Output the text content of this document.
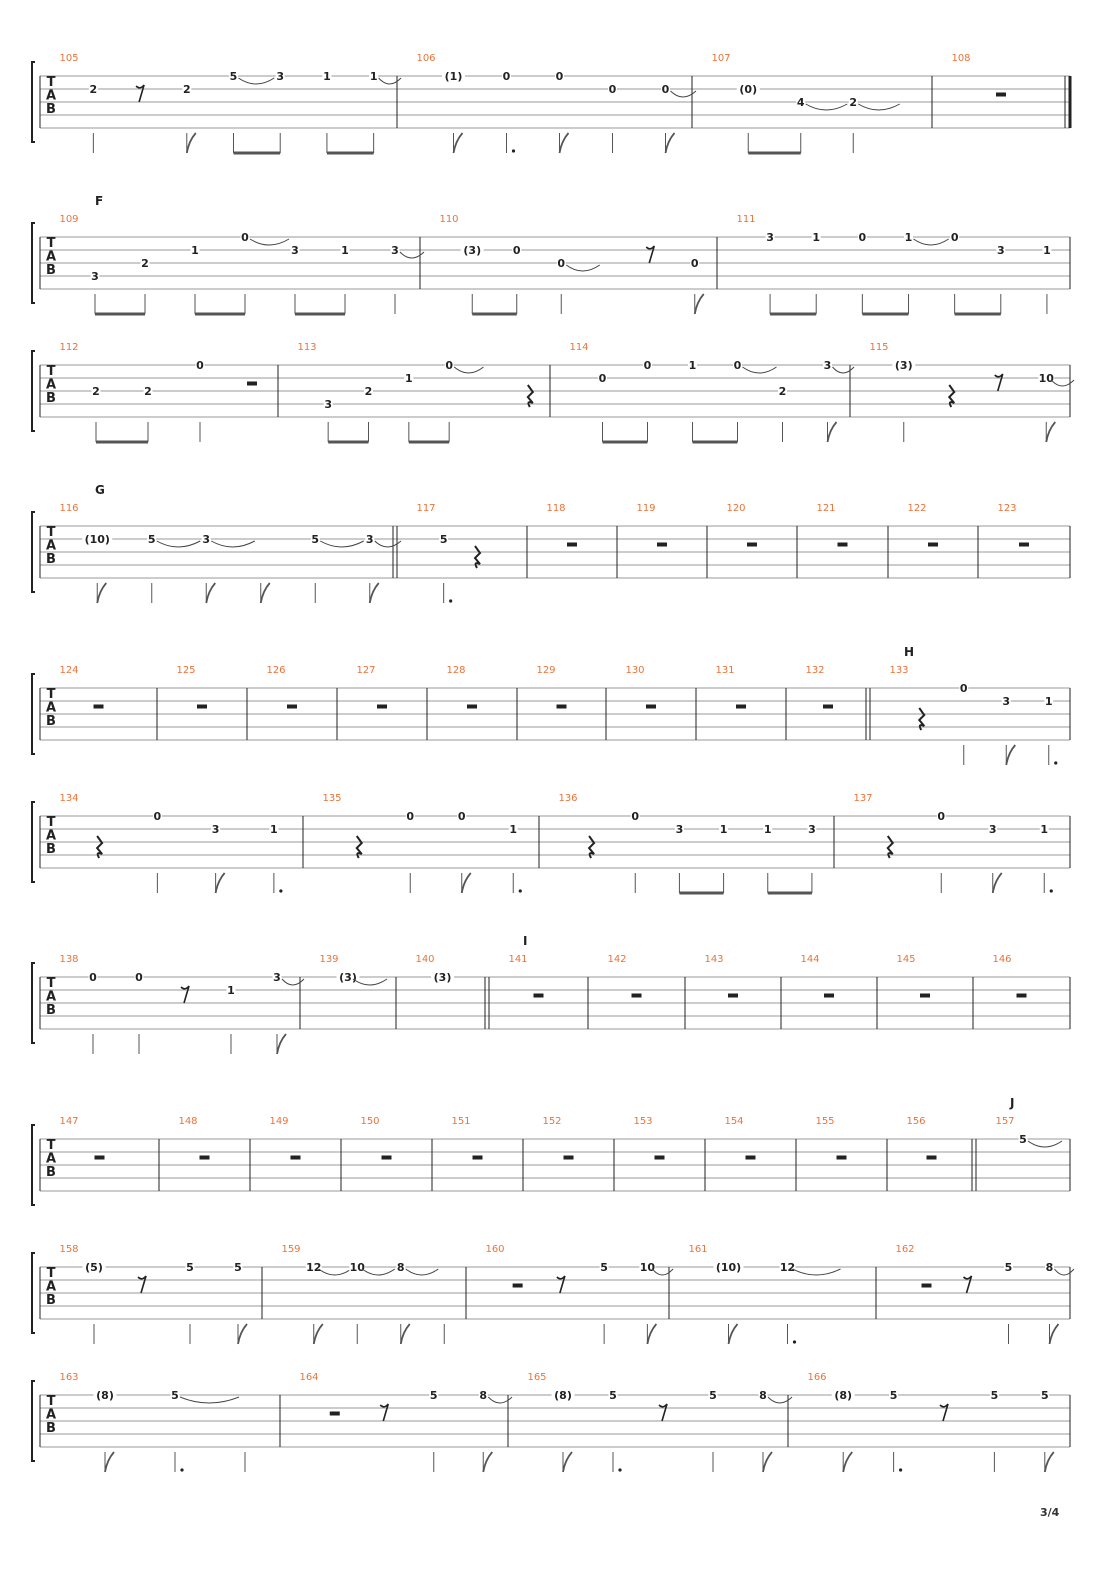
T
A
B
105
2	2
5	3	1	1
106
(1)	0	0
0	0
107
(0)
4	2
108
T
A
B
F
109
3
2
1
0
3	1	3
110
(3)	0
0	0
111
3	1	0	1	0
3	1
T
A
B
112
2	2
0
113
3
2
1
0
114
0
0	1	0
2
3
115
(3)
10
T
A
B
G
116
(10)	5	3	5	3
117
5
118	119	120	121	122	123
T
A
B
H
124	125	126	127	128	129	130	131	132	133
0
3	1
T
A
B
134
0
3	1
135
0	0
1
136
0
3	1	1	3
137
0
3	1
T
A
B
I
138
0	0
1
3
139
(3)
140
(3)
141	142	143	144	145	146
T
A
B
J
147	148	149	150	151	152	153	154	155	156	157
5
T
A
B
158
(5)	5	5
159
12	10	8
160
5	10
161
(10)	12
162
5	8
T
A
B
163
(8)	5
164
5	8
165
(8)	5	5	8
166
(8)	5	5	5
3/4
